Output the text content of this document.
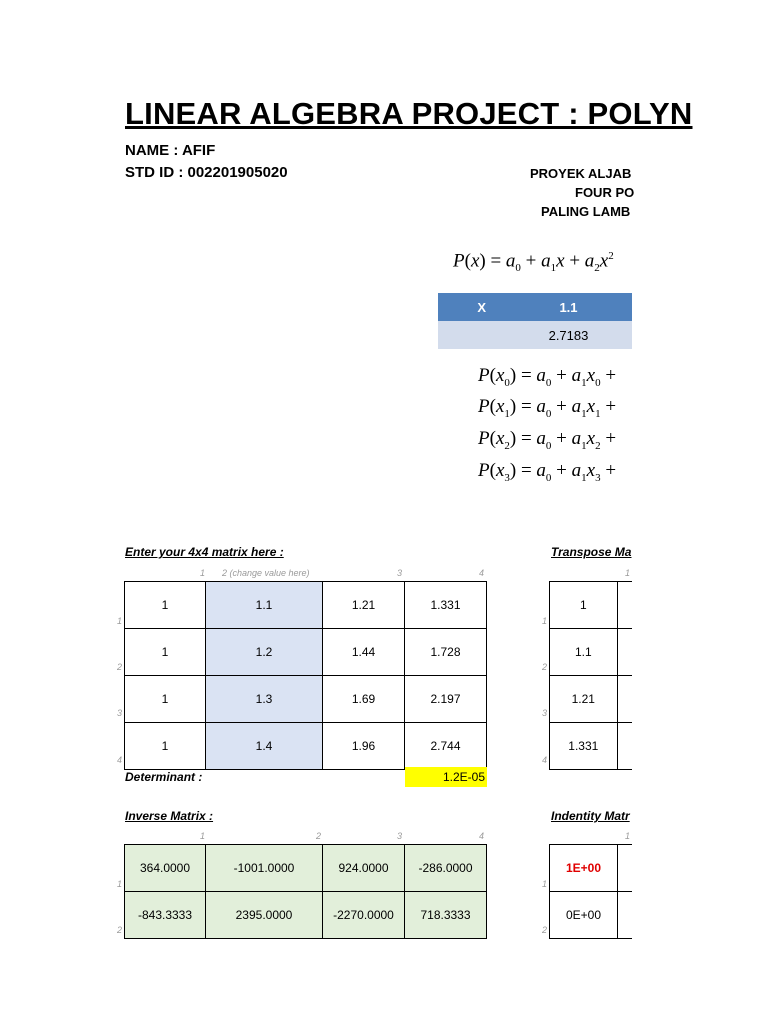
LINEAR ALGEBRA PROJECT : POLYN
NAME : AFIF
STD ID : 002201905020	PROYEK ALJAB
FOUR PO
PALING LAMB
$P(x) = a_0 + a_1x + a_2x^2$
X	1.1	
	2.7183	
$P(x_0) = a_0 + a_1x_0$ +
$P(x_1) = a_0 + a_1x_1$ +
$P(x_2) = a_0 + a_1x_2$ +
$P(x_3) = a_0 + a_1x_3$ +
Enter your 4x4 matrix here :
1 2 (change value here)	3	4
1
2
3
4
1	1.1	1.21	1.331
1	1.2	1.44	1.728
1	1.3	1.69	2.197
1	1.4	1.96	2.744
Transpose Ma
1
1
2
3
4
1	
1.1	
1.21	
1.331	
Determinant :	1.2E-05
Inverse Matrix :
1	2	3	4
1
2
364.0000	-1001.0000	924.0000	-286.0000
-843.3333	2395.0000	-2270.0000	718.3333
Indentity Matr
1
1
2
1E+00	
0E+00	
